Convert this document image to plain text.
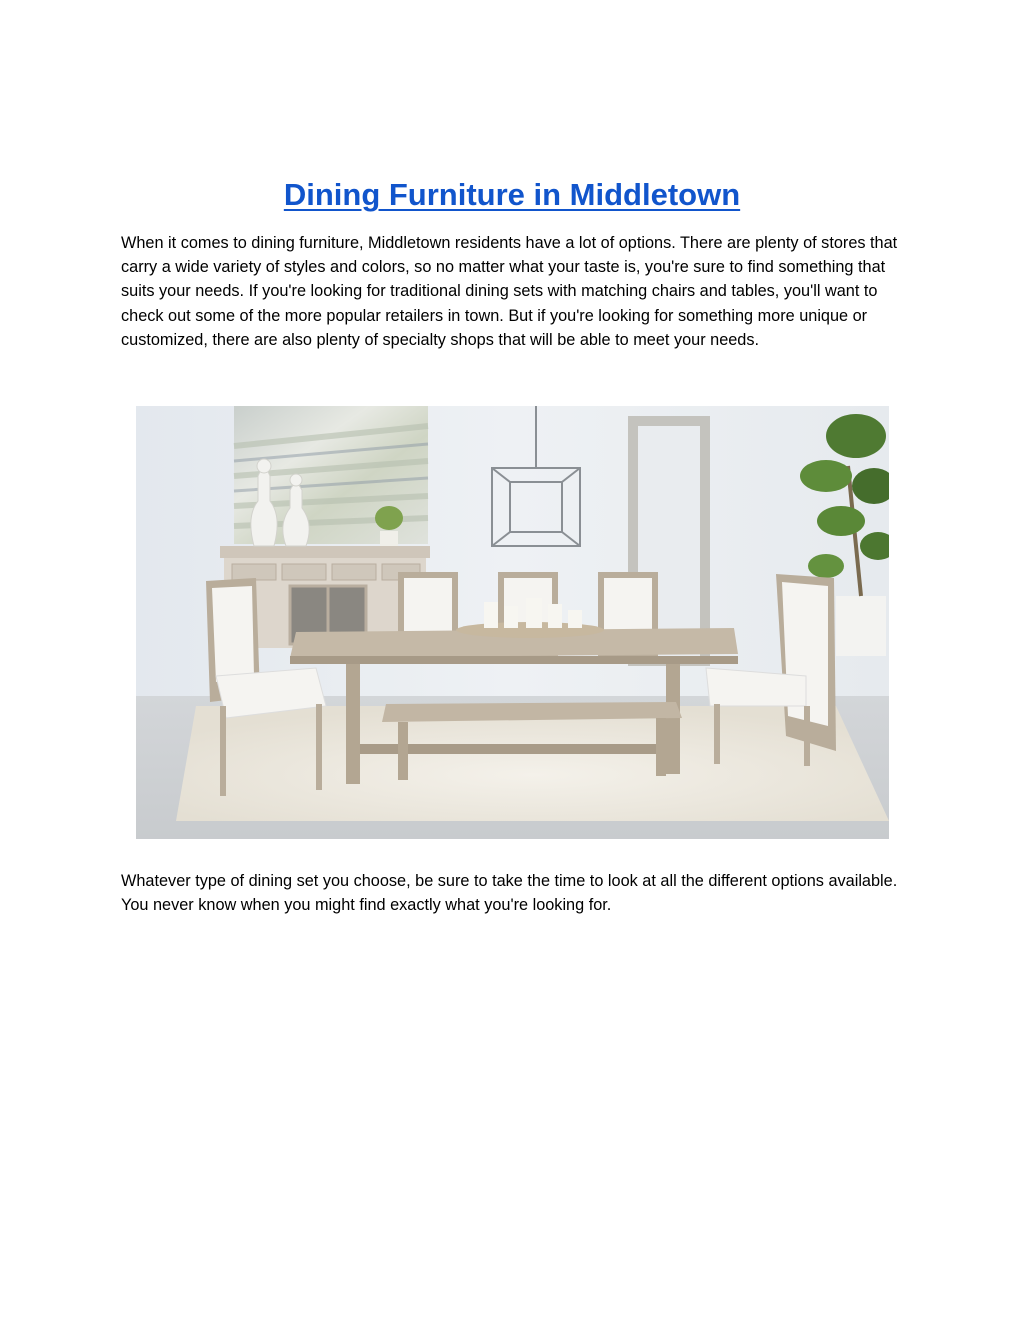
Dining Furniture in Middletown

When it comes to dining furniture, Middletown residents have a lot of options. There are plenty of stores that carry a wide variety of styles and colors, so no matter what your taste is, you're sure to find something that suits your needs. If you're looking for traditional dining sets with matching chairs and tables, you'll want to check out some of the more popular retailers in town. But if you're looking for something more unique or customized, there are also plenty of specialty shops that will be able to meet your needs.

Whatever type of dining set you choose, be sure to take the time to look at all the different options available. You never know when you might find exactly what you're looking for.
